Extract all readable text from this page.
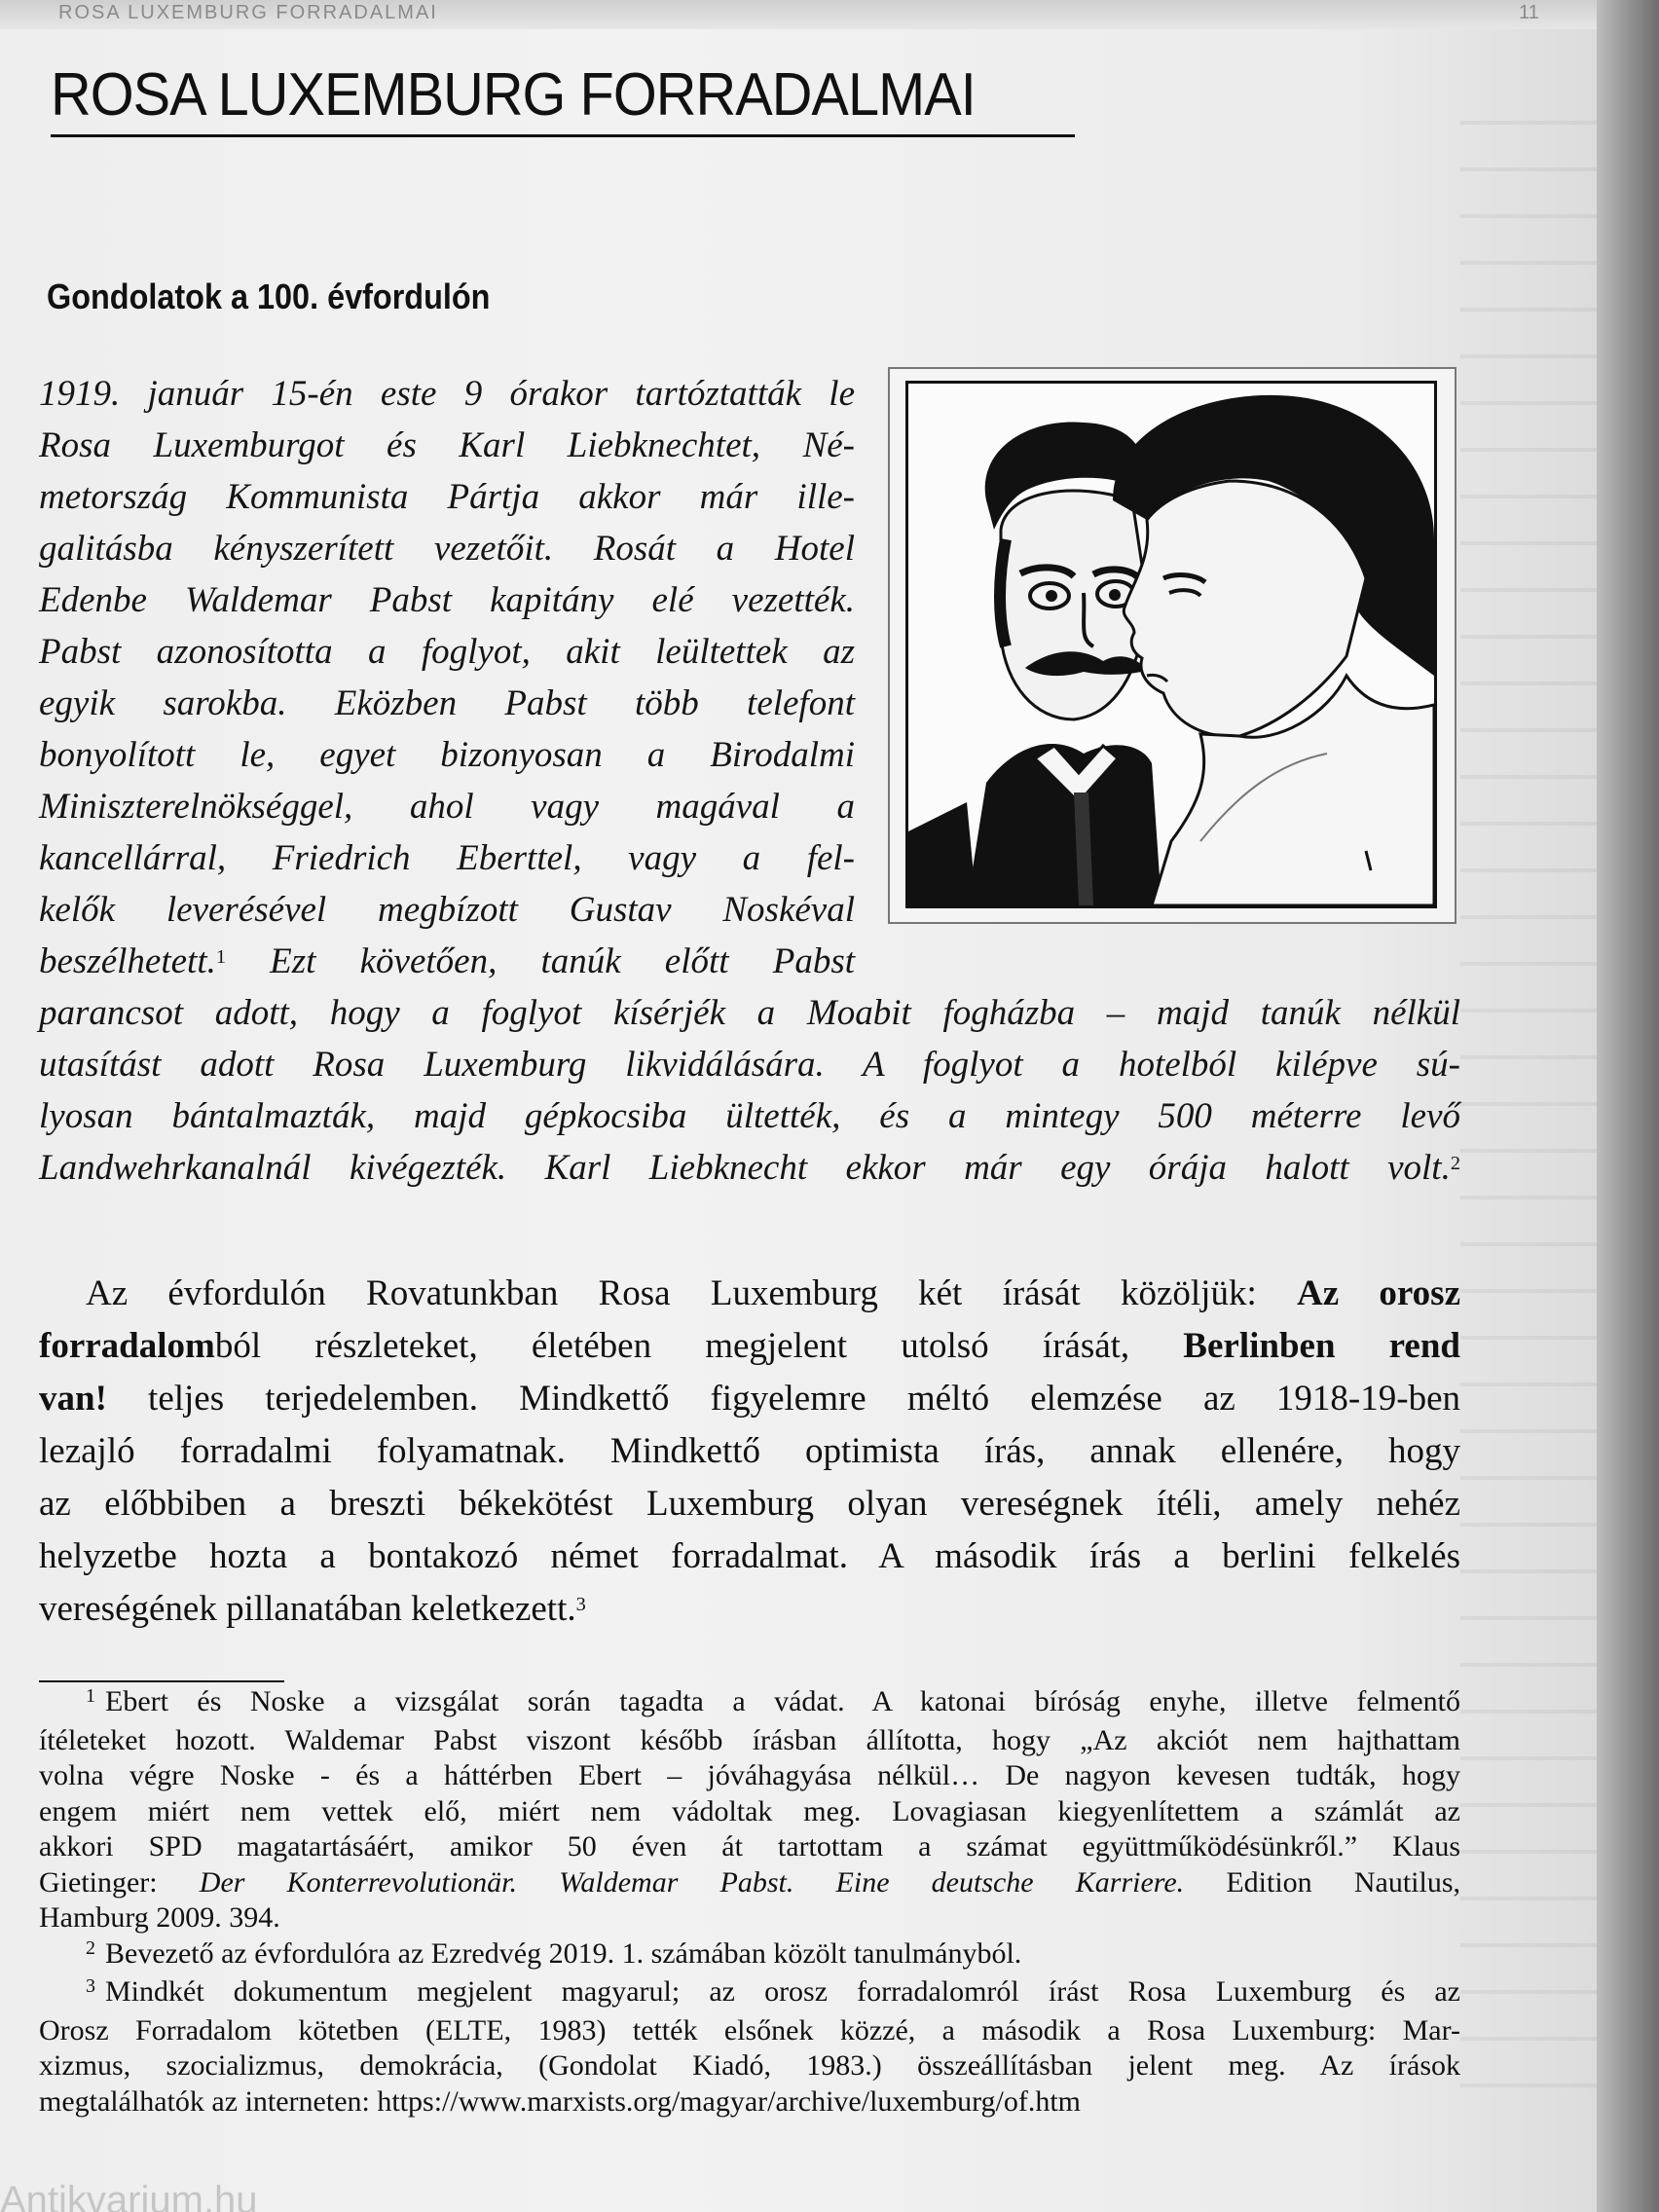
ROSA LUXEMBURG FORRADALMAI	11
ROSA LUXEMBURG FORRADALMAI
Gondolatok a 100. évfordulón
1919. január 15-én este 9 órakor tartóztatták le
Rosa Luxemburgot és Karl Liebknechtet, Né-
metország Kommunista Pártja akkor már ille-
galitásba kényszerített vezetőit. Rosát a Hotel
Edenbe Waldemar Pabst kapitány elé vezették.
Pabst azonosította a foglyot, akit leültettek az
egyik sarokba. Eközben Pabst több telefont
bonyolított le, egyet bizonyosan a Birodalmi
Miniszterelnökséggel, ahol vagy magával a
kancellárral, Friedrich Eberttel, vagy a fel-
kelők leverésével megbízott Gustav Noskéval
beszélhetett.$^1$ Ezt követően, tanúk előtt Pabst
parancsot adott, hogy a foglyot kísérjék a Moabit fogházba – majd tanúk nélkül
utasítást adott Rosa Luxemburg likvidálására. A foglyot a hotelból kilépve sú-
lyosan bántalmazták, majd gépkocsiba ültették, és a mintegy 500 méterre levő
Landwehrkanalnál kivégezték. Karl Liebknecht ekkor már egy órája halott volt.$^2$
Az évfordulón Rovatunkban Rosa Luxemburg két írását közöljük: Az orosz
forradalomból részleteket, életében megjelent utolsó írását, Berlinben rend
van! teljes terjedelemben. Mindkettő figyelemre méltó elemzése az 1918-19-ben
lezajló forradalmi folyamatnak. Mindkettő optimista írás, annak ellenére, hogy
az előbbiben a breszti békekötést Luxemburg olyan vereségnek ítéli, amely nehéz
helyzetbe hozta a bontakozó német forradalmat. A második írás a berlini felkelés
vereségének pillanatában keletkezett.$^3$
$^1$ Ebert és Noske a vizsgálat során tagadta a vádat. A katonai bíróság enyhe, illetve felmentő
ítéleteket hozott. Waldemar Pabst viszont később írásban állította, hogy „Az akciót nem hajthattam
volna végre Noske - és a háttérben Ebert – jóváhagyása nélkül… De nagyon kevesen tudták, hogy
engem miért nem vettek elő, miért nem vádoltak meg. Lovagiasan kiegyenlítettem a számlát az
akkori SPD magatartásáért, amikor 50 éven át tartottam a számat együttműködésünkről.” Klaus
Gietinger: Der Konterrevolutionär. Waldemar Pabst. Eine deutsche Karriere. Edition Nautilus,
Hamburg 2009. 394.
$^2$ Bevezető az évfordulóra az Ezredvég 2019. 1. számában közölt tanulmányból.
$^3$ Mindkét dokumentum megjelent magyarul; az orosz forradalomról írást Rosa Luxemburg és az
Orosz Forradalom kötetben (ELTE, 1983) tették elsőnek közzé, a második a Rosa Luxemburg: Mar-
xizmus, szocializmus, demokrácia, (Gondolat Kiadó, 1983.) összeállításban jelent meg. Az írások
megtalálhatók az interneten: https://www.marxists.org/magyar/archive/luxemburg/of.htm
Antikvarium.hu
